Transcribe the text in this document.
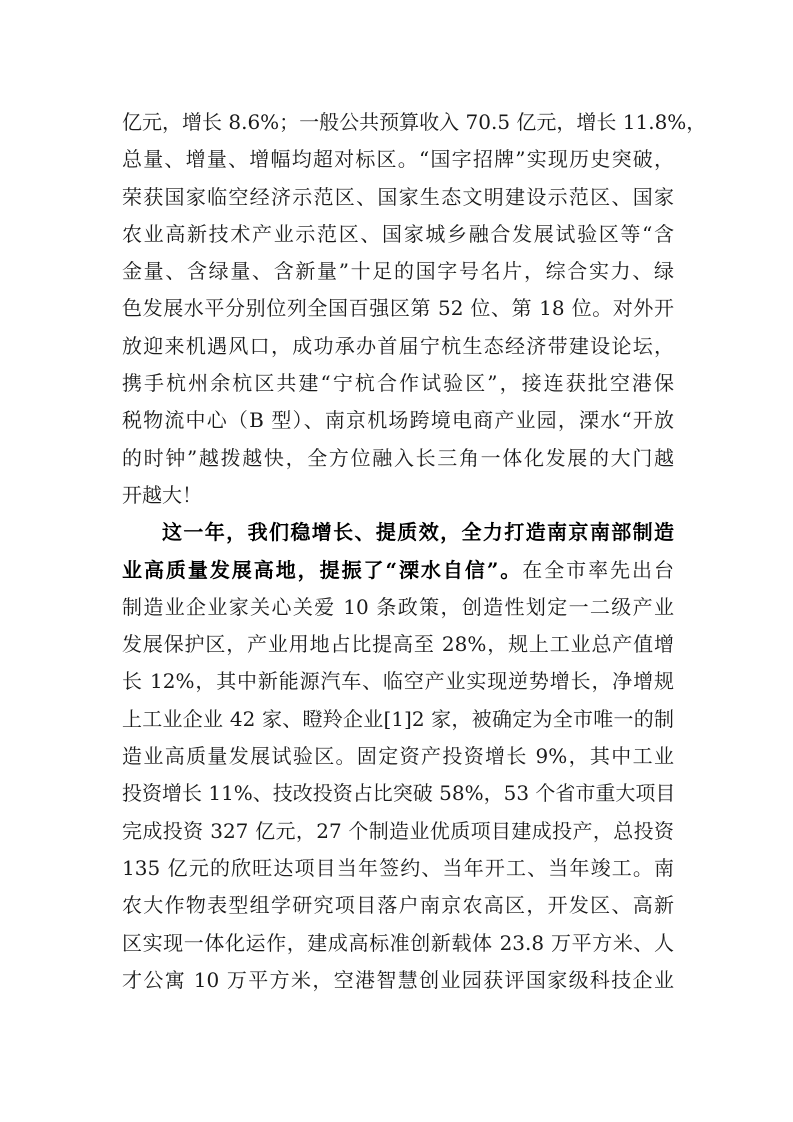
亿元，增长 8.6%；一般公共预算收入 70.5 亿元，增长 11.8%，
总量、增量、增幅均超对标区。“国字招牌”实现历史突破，
荣获国家临空经济示范区、国家生态文明建设示范区、国家
农业高新技术产业示范区、国家城乡融合发展试验区等“含
金量、含绿量、含新量”十足的国字号名片，综合实力、绿
色发展水平分别位列全国百强区第 52 位、第 18 位。对外开
放迎来机遇风口，成功承办首届宁杭生态经济带建设论坛，
携手杭州余杭区共建“宁杭合作试验区”，接连获批空港保
税物流中心（B 型）、南京机场跨境电商产业园，溧水“开放
的时钟”越拨越快，全方位融入长三角一体化发展的大门越
开越大！
这一年，我们稳增长、提质效，全力打造南京南部制造
业高质量发展高地，提振了“溧水自信”。在全市率先出台
制造业企业家关心关爱 10 条政策，创造性划定一二级产业
发展保护区，产业用地占比提高至 28%，规上工业总产值增
长 12%，其中新能源汽车、临空产业实现逆势增长，净增规
上工业企业 42 家、瞪羚企业[1]2 家，被确定为全市唯一的制
造业高质量发展试验区。固定资产投资增长 9%，其中工业
投资增长 11%、技改投资占比突破 58%，53 个省市重大项目
完成投资 327 亿元，27 个制造业优质项目建成投产，总投资
135 亿元的欣旺达项目当年签约、当年开工、当年竣工。南
农大作物表型组学研究项目落户南京农高区，开发区、高新
区实现一体化运作，建成高标准创新载体 23.8 万平方米、人
才公寓 10 万平方米，空港智慧创业园获评国家级科技企业
